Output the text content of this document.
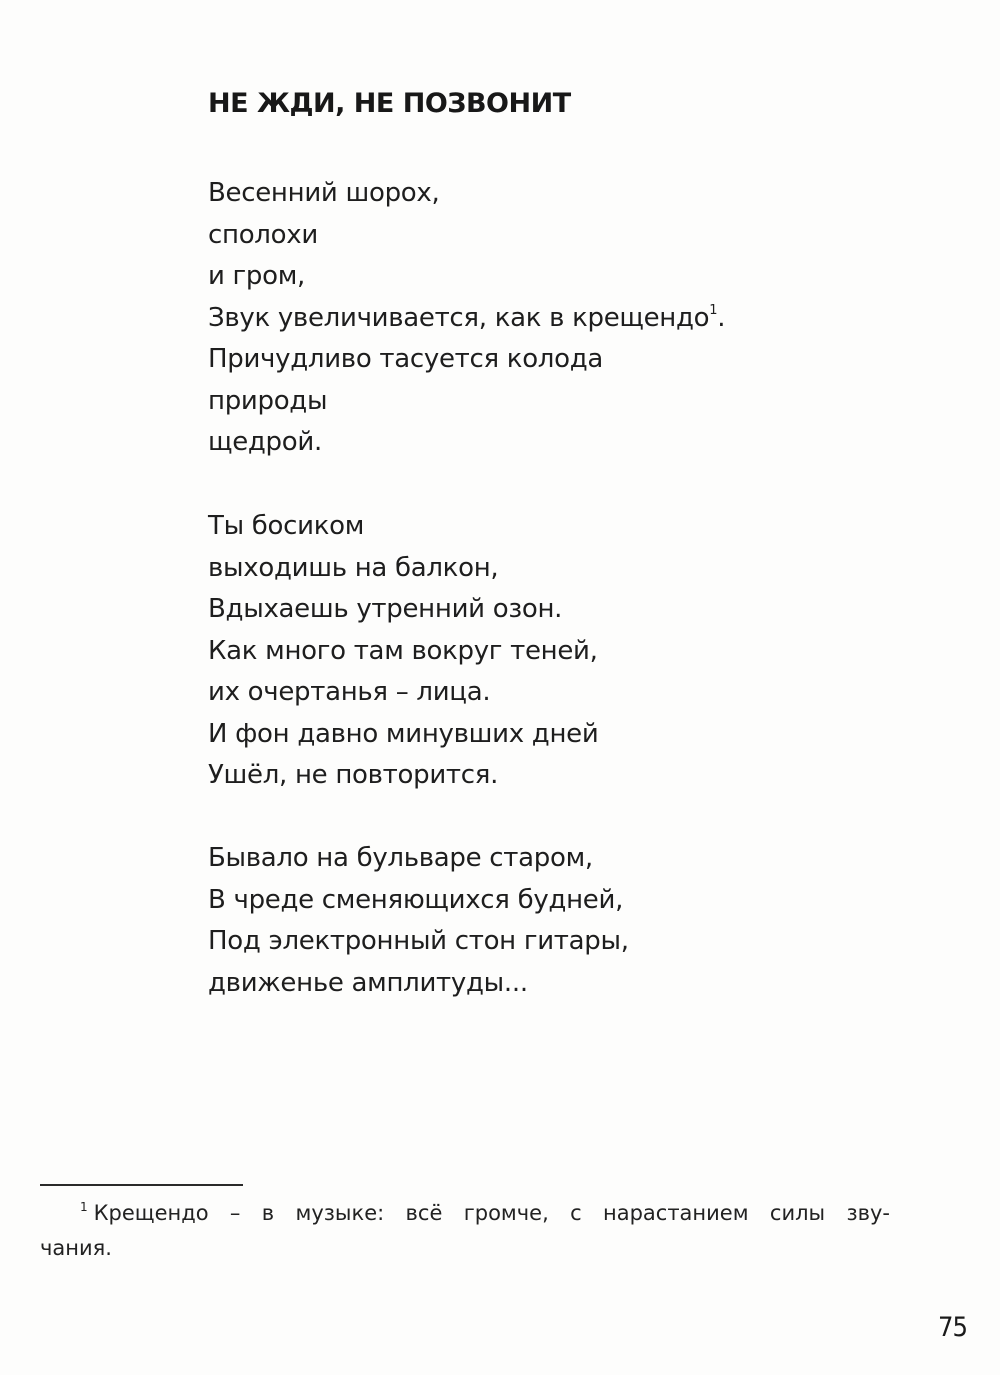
НЕ ЖДИ, НЕ ПОЗВОНИТ
Весенний шорох,
сполохи
и гром,
Звук увеличивается, как в крещендо$^1$.
Причудливо тасуется колода
природы
щедрой.
Ты босиком
выходишь на балкон,
Вдыхаешь утренний озон.
Как много там вокруг теней,
их очертанья – лица.
И фон давно минувших дней
Ушёл, не повторится.
Бывало на бульваре старом,
В чреде сменяющихся будней,
Под электронный стон гитары,
движенье амплитуды...
$^1$ Крещендо – в музыке: всё громче, с нарастанием силы зву-
чания.
75
